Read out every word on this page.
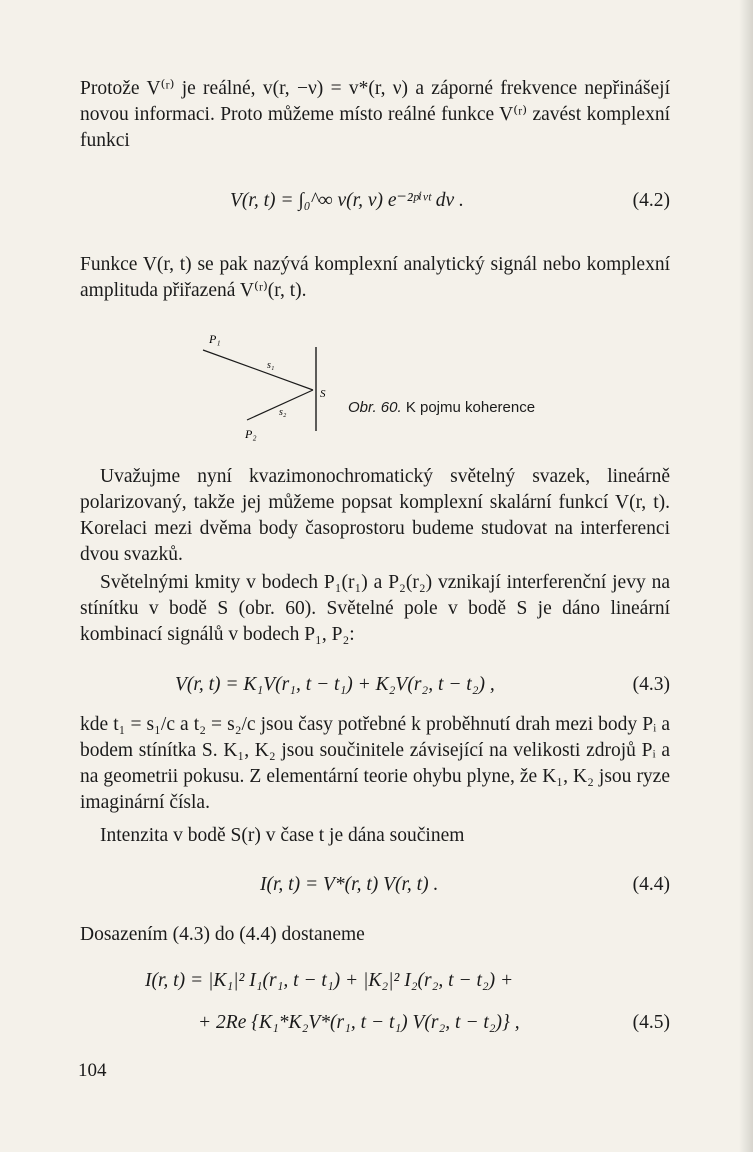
Protože V⁽ʳ⁾ je reálné, v(r, −ν) = v*(r, ν) a záporné frekvence nepřinášejí novou informaci. Proto můžeme místo reálné funkce V⁽ʳ⁾ zavést komplexní funkci
V(r, t) = ∫₀^∞ v(r, ν) e⁻²ᵖⁱᵛᵗ dν .	(4.2)
Funkce V(r, t) se pak nazývá komplexní analytický signál nebo komplexní amplituda přiřazená V⁽ʳ⁾(r, t).
P₁
s₁
S
s₂
P₂
Obr. 60. K pojmu koherence
Uvažujme nyní kvazimonochromatický světelný svazek, lineárně polarizovaný, takže jej můžeme popsat komplexní skalární funkcí V(r, t). Korelaci mezi dvěma body časoprostoru budeme studovat na interferenci dvou svazků.
Světelnými kmity v bodech P₁(r₁) a P₂(r₂) vznikají interferenční jevy na stínítku v bodě S (obr. 60). Světelné pole v bodě S je dáno lineární kombinací signálů v bodech P₁, P₂:
V(r, t) = K₁V(r₁, t − t₁) + K₂V(r₂, t − t₂) ,	(4.3)
kde t₁ = s₁/c a t₂ = s₂/c jsou časy potřebné k proběhnutí drah mezi body Pᵢ a bodem stínítka S. K₁, K₂ jsou součinitele závisející na velikosti zdrojů Pᵢ a na geometrii pokusu. Z elementární teorie ohybu plyne, že K₁, K₂ jsou ryze imaginární čísla.
Intenzita v bodě S(r) v čase t je dána součinem
I(r, t) = V*(r, t) V(r, t) .	(4.4)
Dosazením (4.3) do (4.4) dostaneme
I(r, t) = |K₁|² I₁(r₁, t − t₁) + |K₂|² I₂(r₂, t − t₂) +
+ 2Re {K₁*K₂V*(r₁, t − t₁) V(r₂, t − t₂)} ,	(4.5)
104
